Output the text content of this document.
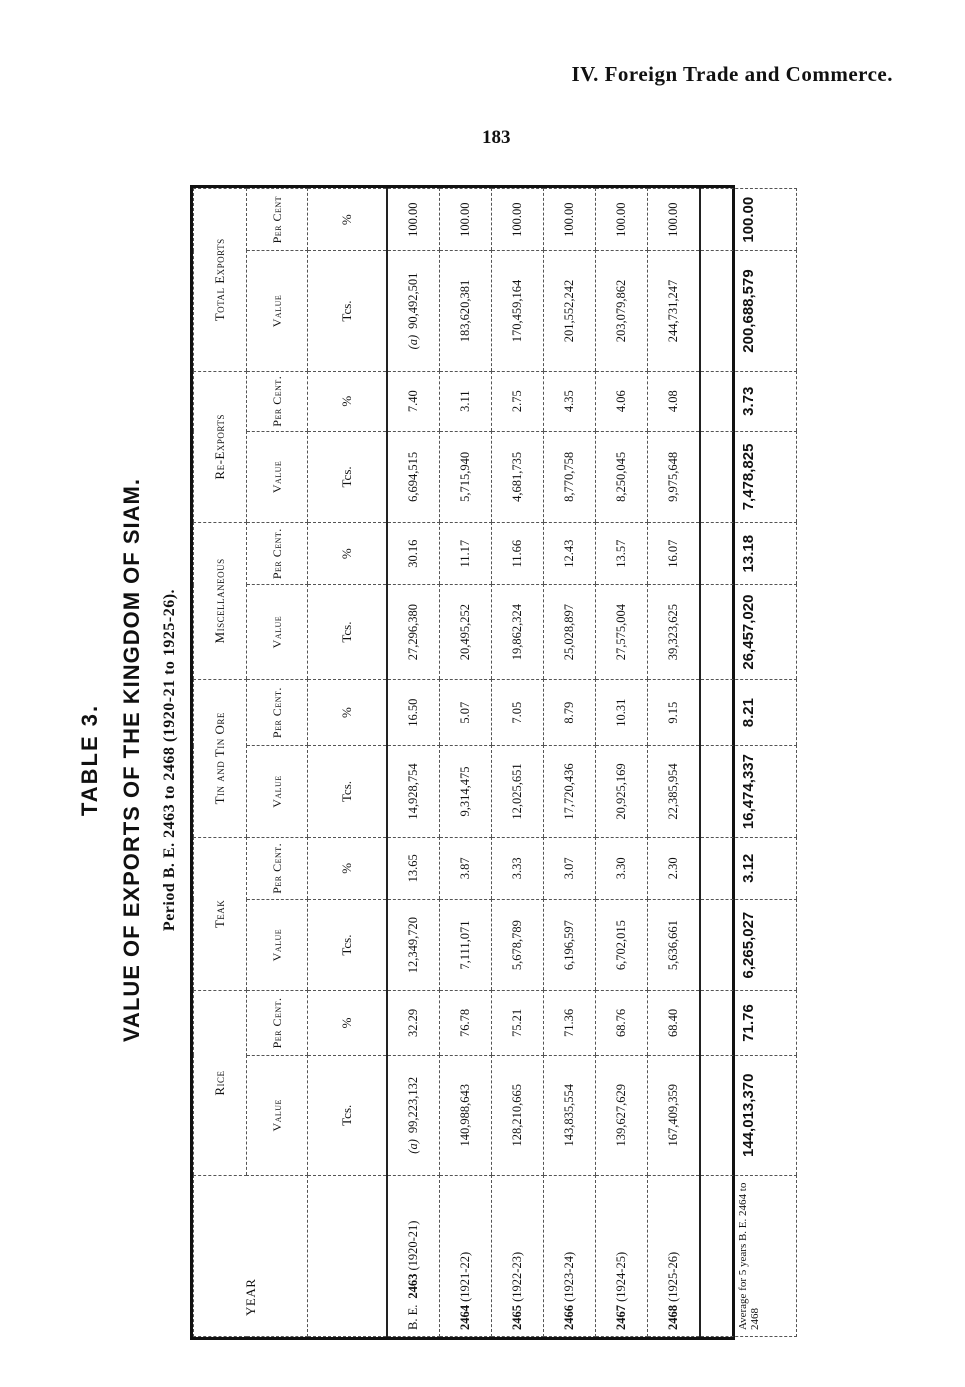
IV. Foreign Trade and Commerce.
183
TABLE 3. VALUE OF EXPORTS OF THE KINGDOM OF SIAM. Period B. E. 2463 to 2468 (1920-21 to 1925-26).
YEAR	Rice		Teak		Tin and Tin Ore		Miscellaneous		Re-Exports		Total Exports	
	Value	Per Cent.	Value	Per Cent.	Value	Per Cent.	Value	Per Cent.	Value	Per Cent.	Value	Per Cent
	Tcs.	%	Tcs.	%	Tcs.	%	Tcs.	%	Tcs.	%	Tcs.	%
B. E.2463 (1920-21)	(a)99,223,132	32.29	12,349,720	13.65	14,928,754	16.50	27,296,380	30.16	6,694,515	7.40	(a)90,492,501	100.00
2464 (1921-22)	140,988,643	76.78	7,111,071	3.87	9,314,475	5.07	20,495,252	11.17	5,715,940	3.11	183,620,381	100.00
2465 (1922-23)	128,210,665	75.21	5,678,789	3.33	12,025,651	7.05	19,862,324	11.66	4,681,735	2.75	170,459,164	100.00
2466 (1923-24)	143,835,554	71.36	6,196,597	3.07	17,720,436	8.79	25,028,897	12.43	8,770,758	4.35	201,552,242	100.00
2467 (1924-25)	139,627,629	68.76	6,702,015	3.30	20,925,169	10.31	27,575,004	13.57	8,250,045	4.06	203,079,862	100.00
2468 (1925-26)	167,409,359	68.40	5,636,661	2.30	22,385,954	9.15	39,323,625	16.07	9,975,648	4.08	244,731,247	100.00
Average for 5 years B. E. 2464 to 2468	144,013,370	71.76	6,265,027	3.12	16,474,337	8.21	26,457,020	13.18	7,478,825	3.73	200,688,579	100.00
